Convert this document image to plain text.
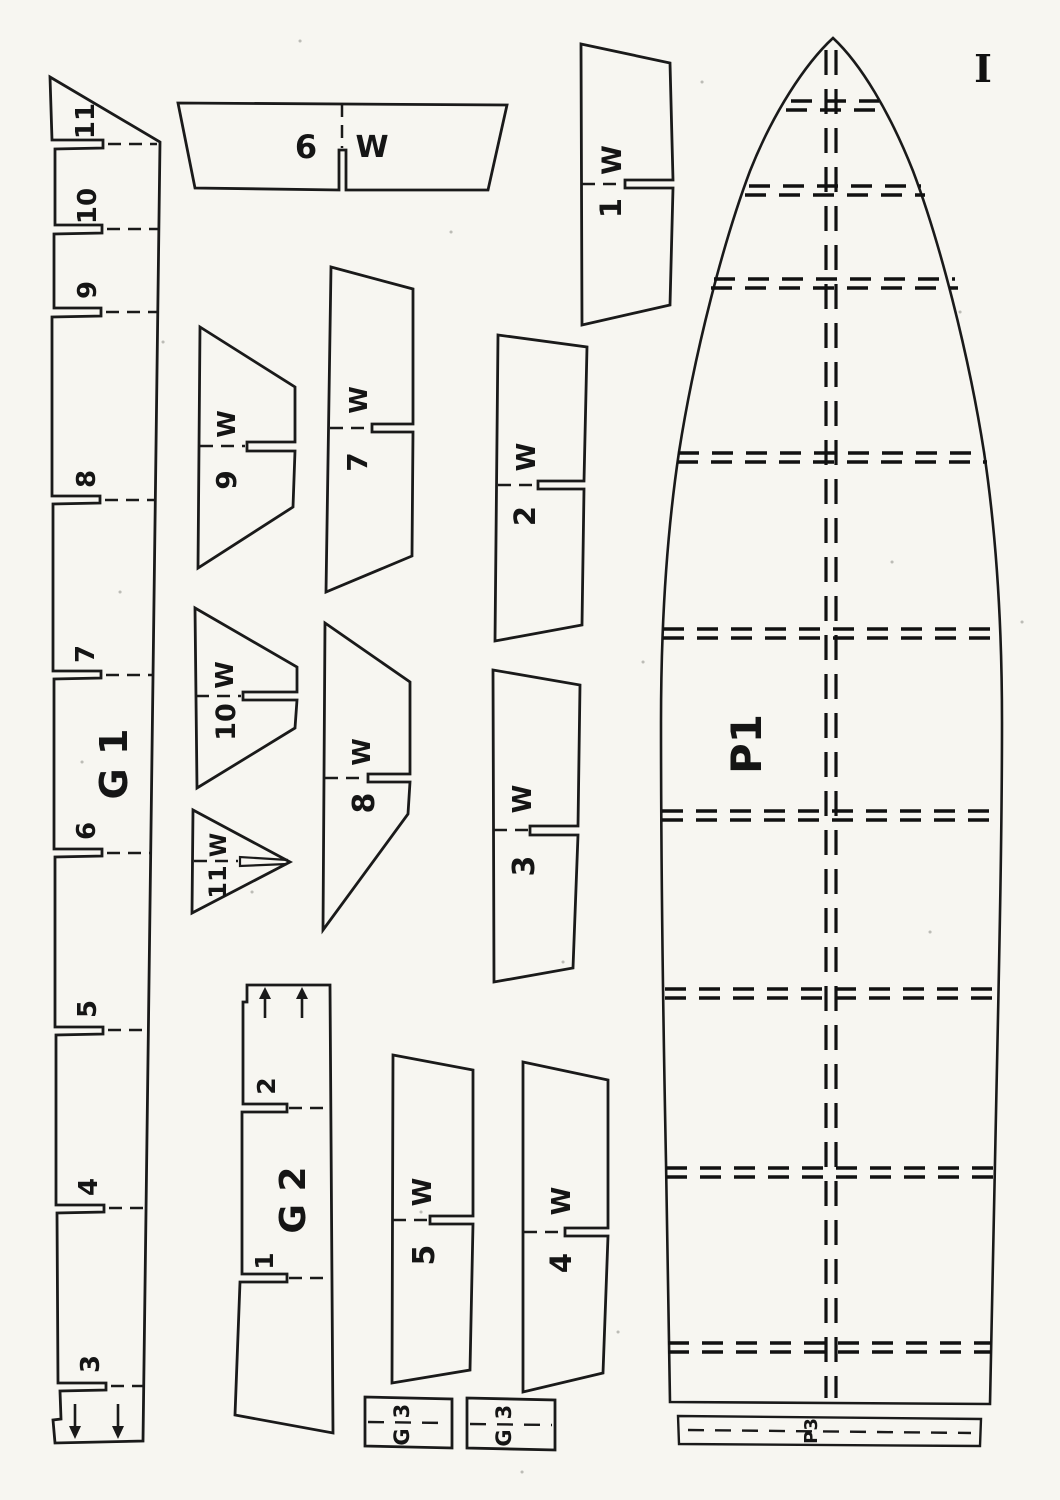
11
10
9
8
7
6
5
4
3
G 1
6 W	W
1
W
9
W
7
W
10
W
8
W
11
W
2
W
3
2
1
G 2	W
5
W
4
3
G
3
G
P1
P3
I
